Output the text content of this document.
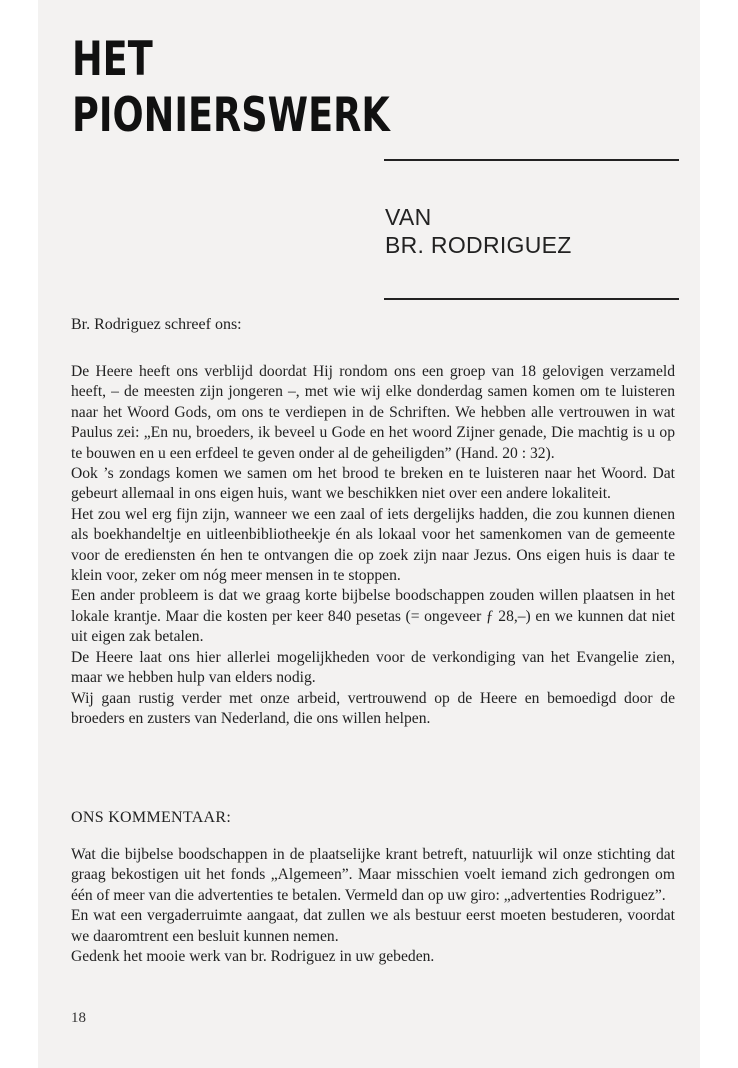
HET
PIONIERSWERK
VAN
BR. RODRIGUEZ

Br. Rodriguez schreef ons:

De Heere heeft ons verblijd doordat Hij rondom ons een groep van 18 gelovigen verzameld heeft, – de meesten zijn jongeren –, met wie wij elke donderdag samen komen om te luisteren naar het Woord Gods, om ons te verdiepen in de Schriften. We hebben alle vertrouwen in wat Paulus zei: „En nu, broeders, ik beveel u Gode en het woord Zijner genade, Die machtig is u op te bouwen en u een erfdeel te geven onder al de geheiligden” (Hand. 20 : 32).

Ook ’s zondags komen we samen om het brood te breken en te luisteren naar het Woord. Dat gebeurt allemaal in ons eigen huis, want we beschikken niet over een andere lokaliteit.

Het zou wel erg fijn zijn, wanneer we een zaal of iets dergelijks hadden, die zou kunnen dienen als boekhandeltje en uitleenbibliotheekje én als lokaal voor het samenkomen van de gemeente voor de erediensten én hen te ontvangen die op zoek zijn naar Jezus. Ons eigen huis is daar te klein voor, zeker om nóg meer mensen in te stoppen.

Een ander probleem is dat we graag korte bijbelse boodschappen zouden willen plaatsen in het lokale krantje. Maar die kosten per keer 840 pesetas (= ongeveer ƒ 28,–) en we kunnen dat niet uit eigen zak betalen.

De Heere laat ons hier allerlei mogelijkheden voor de verkondiging van het Evangelie zien, maar we hebben hulp van elders nodig.

Wij gaan rustig verder met onze arbeid, vertrouwend op de Heere en bemoedigd door de broeders en zusters van Nederland, die ons willen helpen.

ONS KOMMENTAAR:

Wat die bijbelse boodschappen in de plaatselijke krant betreft, natuurlijk wil onze stichting dat graag bekostigen uit het fonds „Algemeen”. Maar misschien voelt iemand zich gedrongen om één of meer van die advertenties te betalen. Vermeld dan op uw giro: „advertenties Rodriguez”.

En wat een vergaderruimte aangaat, dat zullen we als bestuur eerst moeten bestuderen, voordat we daaromtrent een besluit kunnen nemen.

Gedenk het mooie werk van br. Rodriguez in uw gebeden.

18
